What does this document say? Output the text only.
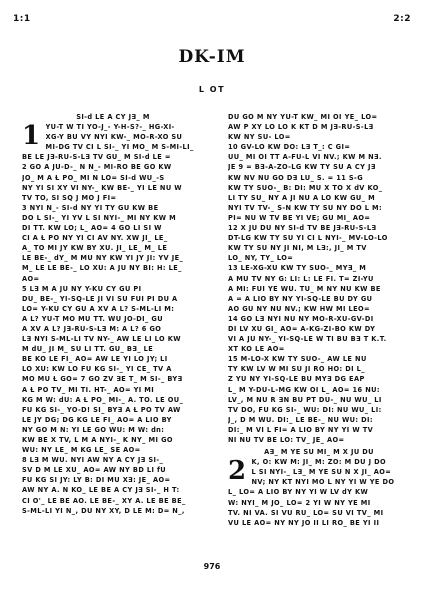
1:1	2:2
DK-IM
L OT
SI-d LE A CY J∃_ M
1 YU-T W TI YO-J_- Y-H-S?-_ HG-XI-
XG-Y BU VY NYI KW-_ MO-R-XO SU
MI-DG TV CI L SI-_ YI MO_ M S-MI-LI_
BE LE J∃-RU-S-L∃ TV GU_ M SI-d LE =
2 GO A JU-D-_ N N_- MI-RO BE GO KW
JO_ M A Ɫ PO_ MI N LO= SI-d WU_-S
NY YI SI XY VI NY-_ KW BE-_ YI LE NU W
TV TO, SI SQ J MO J FI=
3 NYI N_- SI-d NY YI TY GU KW BE
DO L SI-_ YI YV L SI NYI-_ MI NY KW M
DI TT. KW LO; L_ AO= 4 GO LI SI W
CI A Ɫ PO NY YI CI AV NY. XW JI_ LE_
A_ TO MI JY KW BY XU. JI_ LE_ M_ LE
LE BE-_ dY_ M MU NY KW YI JY JI: YV JE_
M_ LE LE BE-_ LO XU: A JU NY BI: H: LE_
AO=
5 L∃ M A JU NY Y-KU CY GU PI
DU_ BE-_ YI-SQ-LE JI VI SU FUI PI DU A
LO= Y-KU CY GU A XV A L? S-ML-LI M:
A L? YU-T MO MU TT. WU JO-DI_ GU
A XV A L? J∃-RU-S-L∃ M: A L? 6 GO
L∃ NYI S-ML-LI TV NY-_ AW LE LI LO KW
M dU_ JI M_ SU LI TT. GU_ B∃_ LE
BE KO LE FI_ AO= AW LE YI LO JY; LI
LO XU: KW LO FU KG SI-_ YI CE_ TV A
MO MU Ɫ GO= 7 GO ZV ∃E T_ M SI-_ BY∃
A Ɫ PO TV_ MI TI. HT-_ AO= YI MI
KG M W: dU: A Ɫ PO_ MI-_ A. TO. LE OU_
FU KG SI-_ YO-D! SI_ BY∃ A Ɫ PO TV AW
LE JY DG; DG KG LE FI_ AO= A LIO BY
NY GO M N: YI LE GO WU: M W: dn:
KW BE X TV, L M A NYI-_ K NY_ MI GO
WU: NY LE_ M KG LE_ SE AO=
8 L∃ M WU. NYI AW NY A CY J∃ SI-_
SV D M LE XU_ AO= AW NY BD LI fU
FU KG SI JY: LY B: DI MU X∃: JE_ AO=
AW NY A. N KO_ LE BE A CY J∃ SI-_ H T:
CI O'_ LE BE AO. LE BE-_ XY A. LE BE BE_
S-ML-LI YI N_, DU NY XY, D LE M: D= N_,
DU GO M NY YU-T KW_ MI OI YE_ LO=
AW P XY LO LO K KT D M J∃-RU-S-L∃
KW NY SU- LO=
10 GV-LO KW DO: L∃ T_: C GI=
UU_ MI OI TT A-FU-L VI NV.; KW M N∃.
JE 9 = B∃-A-ZO-LG KW TY SU A CY J∃
KW NV NU GO D∃ LU_ S. = 11 S-G
KW TY SUO-_ B: DI: MU X TO X dV KO_
LI TY SU_ NY A JI NU A LO KW GU_ M
NYI TV TV-_ S-N KW TY SU NY DO L M:
PI= NU W TV BE YI VE; GU MI_ AO=
12 X JU DU NY SI-d TV BE J∃-RU-S-L∃
DT-LG KW TY SU YI CI L NYI-_ MV-LO-LO
KW TY SU NY JI NI, M L∃:, JI_ M TV
LO_ NY, TY_ LO=
13 LE-XG-XU KW TY SUO-_ MY∃_ M
A MU TV NY G: LI: L: LE FI. T= ZI-YU
A MI: FUI YE WU. TU_ M NY NU KW BE
A = A LIO BY NY YI-SQ-LE BU DY GU
AO GU NY NU NV.; KW HW MI LEO=
14 GO L∃ NYI NU NY MO-R-XU-GV-DI
DI LV XU GI_ AO= A-KG-ZI-BO KW DY
VI A JU NY-_ YI-SQ-LE W TI BU B∃ T K.T.
XT KO LE AO=
15 M-LO-X KW TY SUO-_ AW LE NU
TY KW LV W MI SU JI RO HO: DI L_
Z YU NY YI-SQ-LE BU MY∃ DG EAP
L_ M Y-DU-L-MG KW OI L_ AO= 16 NU:
LV_, M NU R ∃N BU PT DU-_ NU WU_ LI
TV DO, FU KG SI-_ WU: DI: NU WU_ LI:
J_, D M WU. DI:_ LE BE-_ NU WU: DI:
DI:_ M VI L FI= A LIO BY NY YI W TV
NI NU TV BE LO: TV_ JE_ AO=
A∃_ M YE SU MI_ M X JU DU
2 K, O: KW M: JI_ M: ZO: M DU J DO
L SI NYI-_ L∃_ M YE SU N X JI_ AO=
NV; NY KT NYI MO L NY YI W YE DO
L_ LO= A LIO BY NY YI W LV dY KW
W: NYI_ M JO_ LO= 2 YI W NY YE MI
TV. NI VA. SI VU RU_ LO= SU VI TV_ MI
VU LE AO= NY NY JO II LI RO_ BE YI II
976
